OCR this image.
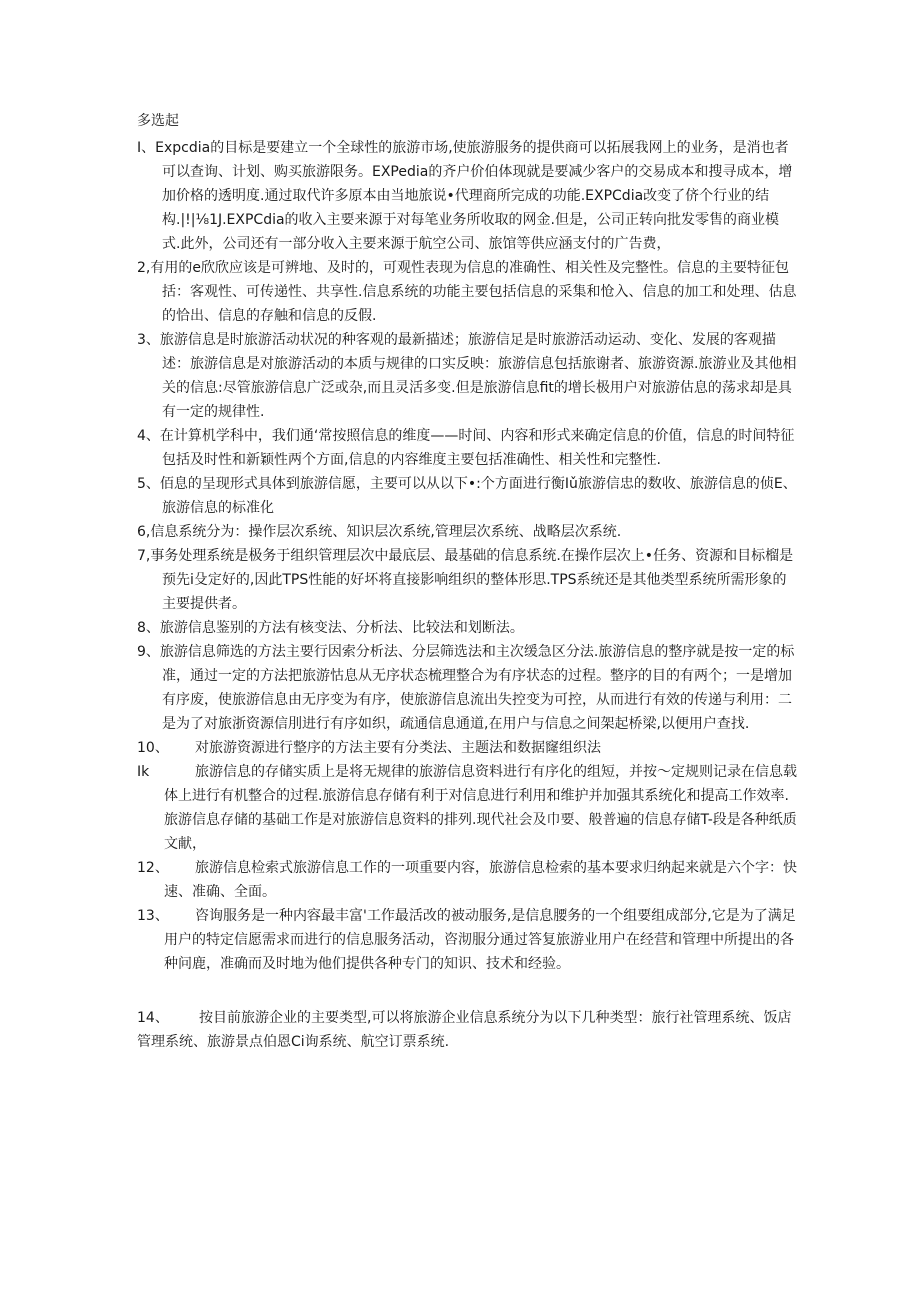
多选起

I、Expcdia的目标是要建立一个全球性的旅游市场,使旅游服务的提供商可以拓展我网上的业务，是消也者可以查询、计划、购买旅游限务。EXPedia的齐户价伯体现就是要减少客户的交易成本和搜寻成本，增加价格的透明度.通过取代许多原本由当地旅说•代理商所完成的功能.EXPCdia改变了侪个行业的结构.|!|⅛1J.EXPCdia的收入主要来源于对每笔业务所收取的网金.但是，公司正转向批发零售的商业模式.此外，公司还有一部分收入主要来源于航空公司、旅馆等供应涵支付的广告费，

2,有用的e欣欣应该是可辨地、及时的，可观性表现为信息的准确性、相关性及完整性。信息的主要特征包括：客观性、可传递性、共享性.信息系统的功能主要包括信息的采集和怆入、信息的加工和处理、估息的恰出、信息的存触和信息的反假.

3、旅游信息是时旅游活动状况的种客观的最新描述；旅游信足是时旅游活动运动、变化、发展的客观描述：旅游信息是对旅游活动的本质与规律的口实反映：旅游信息包括旅谢者、旅游资源.旅游业及其他相关的信息:尽管旅游信息广泛或杂,而且灵活多变.但是旅游信息fit的增长极用户对旅游估息的荡求却是具有一定的规律性.

4、在计算机学科中，我们通‘常按照信息的维度——时间、内容和形式来确定信息的价值，信息的时间特征包括及时性和新颖性两个方面,信息的内容维度主要包括准确性、相关性和完整性.

5、佰息的呈现形式具体到旅游信愿，主要可以从以下•:个方面进行衡Iǔ旅游信忠的数收、旅游信息的侦E、旅游信息的标准化

6,信息系统分为：操作层次系统、知识层次系统,管理层次系统、战略层次系统.

7,事务处理系统是极务于组织管理层次中最底层、最基础的信息系统.在操作层次上•任务、资源和目标榴是预先i殳定好的,因此TPS性能的好坏将直接影响组织的整体形思.TPS系统还是其他类型系统所需形象的主要提供者。

8、旅游信息鉴别的方法有核变法、分析法、比较法和划断法。

9、旅游信息筛选的方法主要行因索分析法、分层筛选法和主次缓急区分法.旅游信息的整序就是按一定的标准，通过一定的方法把旅游怙息从无序状态梳理整合为有序状态的过程。整序的目的有两个；一是增加有序废，使旅游信息由无序变为有序，使旅游信息流出失控变为可控，从而进行有效的传递与利用：二是为了对旅浙资源信刖进行有序如织，疏通信息通道,在用户与信息之间架起桥梁,以便用户查找.

10、 对旅游资源进行整序的方法主要有分类法、主题法和数据窿组织法

Ik	旅游信息的存储实质上是将无规律的旅游信息资料进行有序化的组短，并按〜定规则记录在信息载体上进行有机整合的过程.旅游信息存储有利于对信息进行利用和维护并加强其系统化和提高工作效率.旅游信息存储的基础工作是对旅游信息资料的排列.现代社会及巾要、般普遍的信息存储T-段是各种纸质文献，

12、 旅游信息检索式旅游信息工作的一项重要内容，旅游信息检索的基本要求归纳起来就是六个字：快速、准确、全面。

13、 咨询服务是一种内容最丰富'工作最活改的被动服务,是信息腰务的一个组要组成部分,它是为了满足用户的特定信愿需求而进行的信息服务活动，咨沏服分通过答复旅游业用户在经营和管理中所提出的各种问鹿，准确而及时地为他们提供各种专门的知识、技术和经验。

14、 按目前旅游企业的主要类型,可以将旅游企业信息系统分为以下几种类型：旅行社管理系统、饭店管理系统、旅游景点伯恩Ci询系统、航空订票系统.
